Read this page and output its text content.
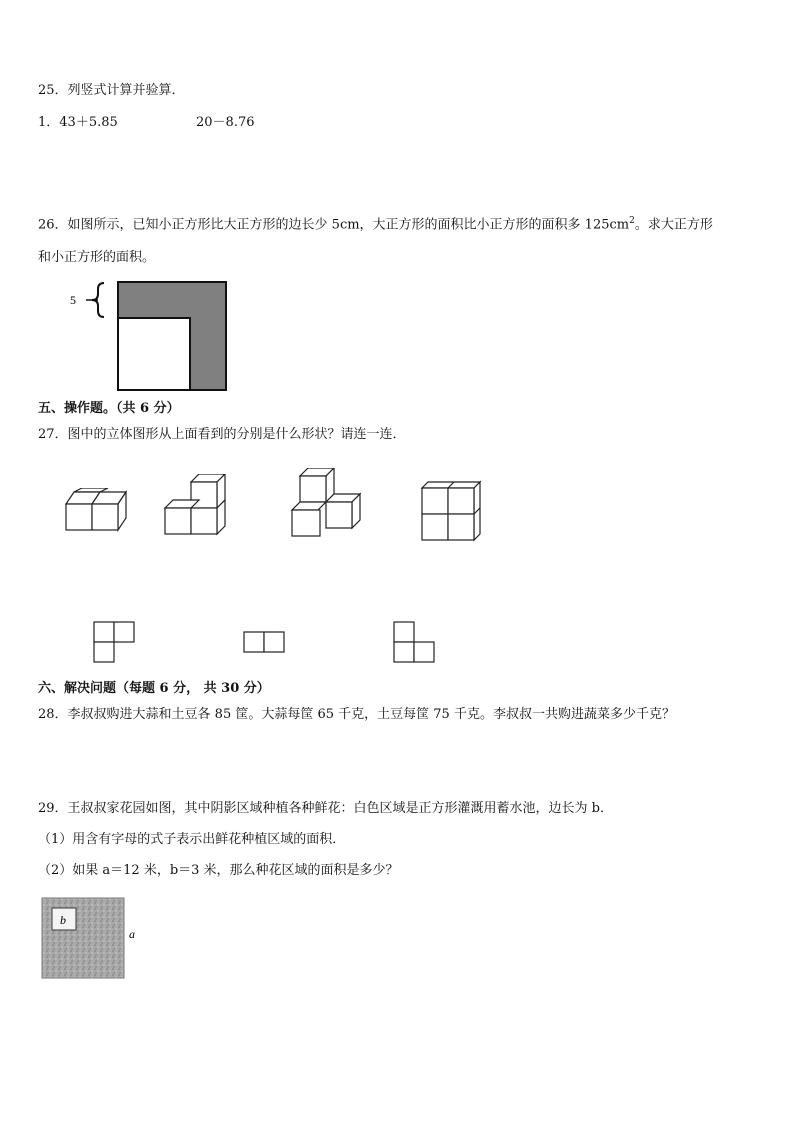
25．列竖式计算并验算．
1．43＋5.85	20－8.76
26．如图所示，已知小正方形比大正方形的边长少 5cm，大正方形的面积比小正方形的面积多 $125cm^2$。求大正方形
和小正方形的面积。
5
五、操作题。（共 6 分）
27．图中的立体图形从上面看到的分别是什么形状？请连一连．
六、解决问题（每题 6 分， 共 30 分）
28．李叔叔购进大蒜和土豆各 85 筐。大蒜每筐 65 千克，土豆每筐 75 千克。李叔叔一共购进蔬菜多少千克？
29．王叔叔家花园如图，其中阴影区域种植各种鲜花：白色区域是正方形灌溉用蓄水池，边长为 b．
（1）用含有字母的式子表示出鲜花种植区域的面积．
（2）如果 a＝12 米，b＝3 米，那么种花区域的面积是多少？
b
a
